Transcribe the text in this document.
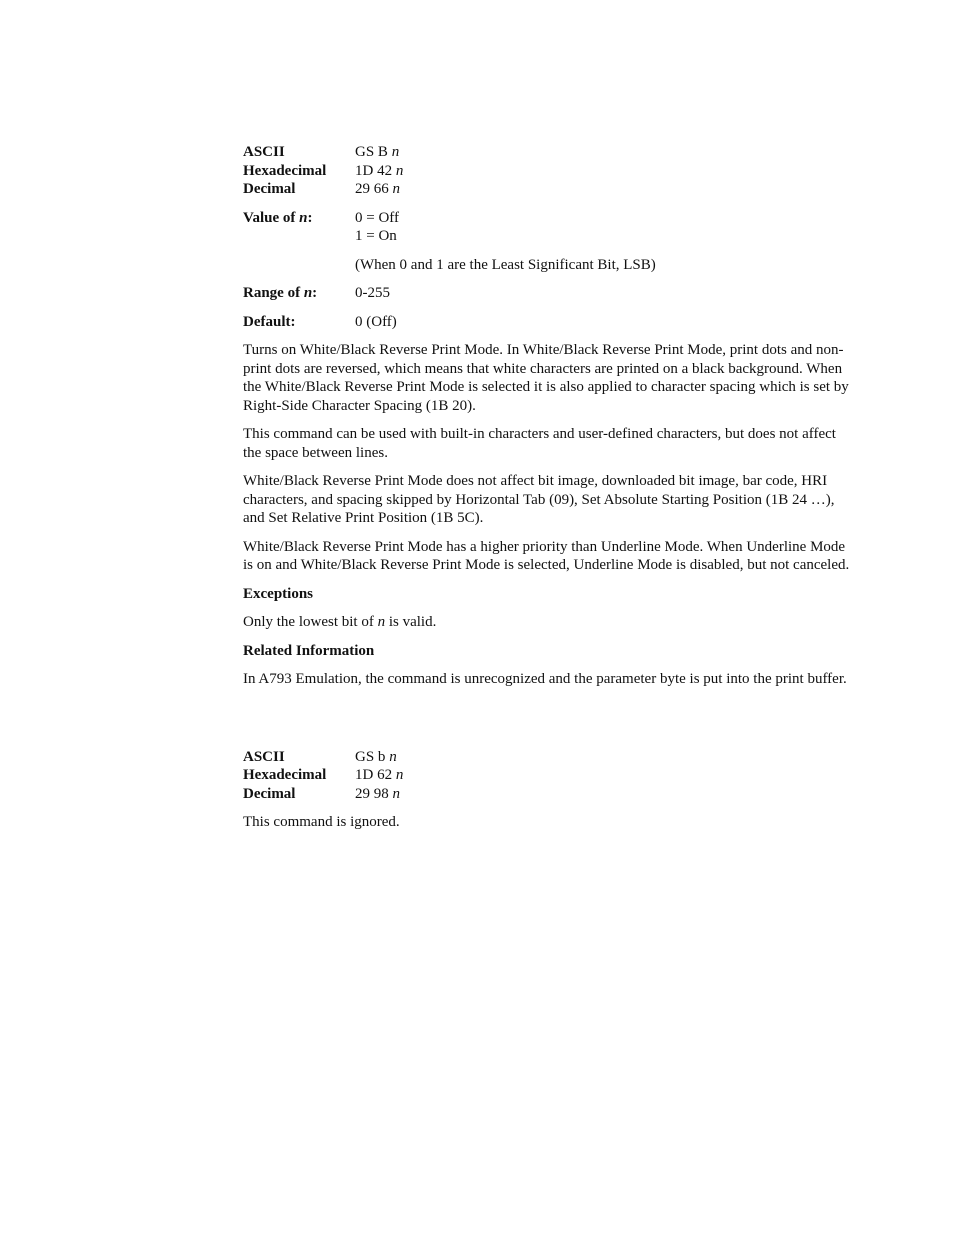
ASCII	GS B n
Hexadecimal	1D 42 n
Decimal	29 66 n
Value of n:	0 = Off
1 = On
(When 0 and 1 are the Least Significant Bit, LSB)
Range of n:	0-255
Default:	0 (Off)

Turns on White/Black Reverse Print Mode. In White/Black Reverse Print Mode, print dots and non-print dots are reversed, which means that white characters are printed on a black background. When the White/Black Reverse Print Mode is selected it is also applied to character spacing which is set by Right-Side Character Spacing (1B 20).

This command can be used with built-in characters and user-defined characters, but does not affect the space between lines.

White/Black Reverse Print Mode does not affect bit image, downloaded bit image, bar code, HRI characters, and spacing skipped by Horizontal Tab (09), Set Absolute Starting Position (1B 24 …), and Set Relative Print Position (1B 5C).

White/Black Reverse Print Mode has a higher priority than Underline Mode. When Underline Mode is on and White/Black Reverse Print Mode is selected, Underline Mode is disabled, but not canceled.

Exceptions

Only the lowest bit of n is valid.

Related Information

In A793 Emulation, the command is unrecognized and the parameter byte is put into the print buffer.

ASCII	GS b n
Hexadecimal	1D 62 n
Decimal	29 98 n

This command is ignored.
